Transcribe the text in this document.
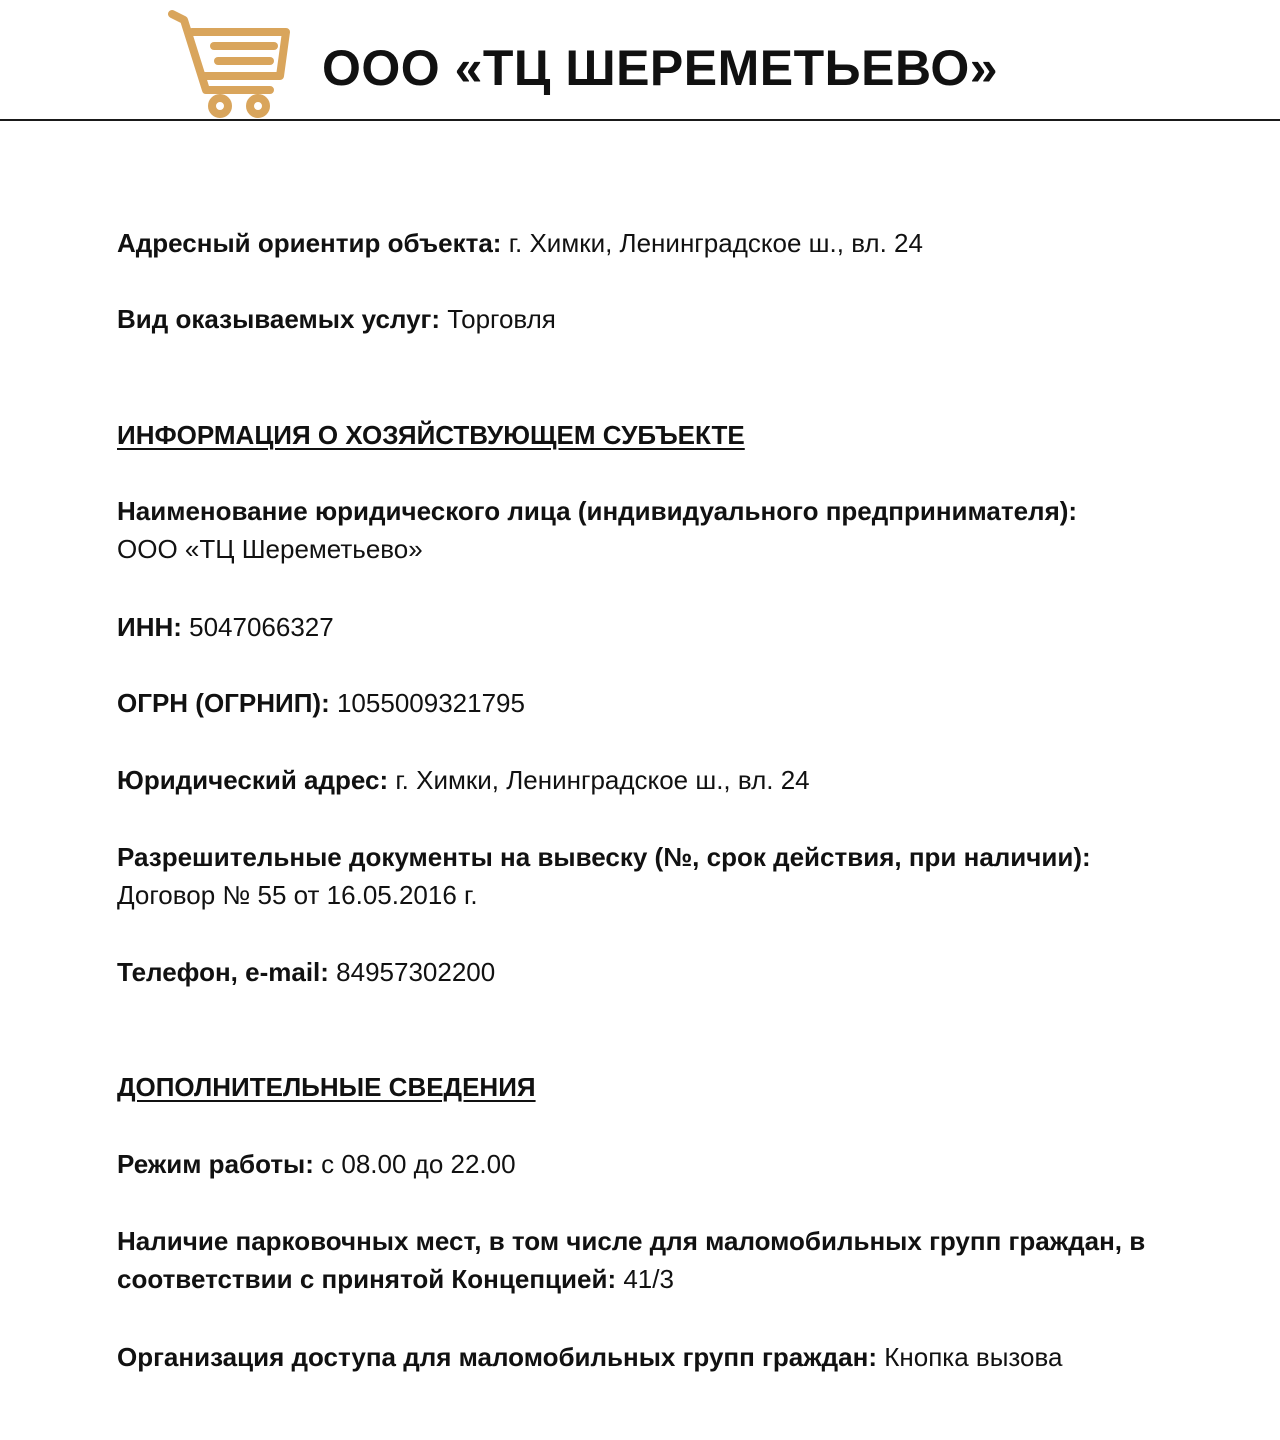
ООО «ТЦ ШЕРЕМЕТЬЕВО»
Адресный ориентир объекта: г. Химки, Ленинградское ш., вл. 24
Вид оказываемых услуг: Торговля
ИНФОРМАЦИЯ О ХОЗЯЙСТВУЮЩЕМ СУБЪЕКТЕ
Наименование юридического лица (индивидуального предпринимателя):
ООО «ТЦ Шереметьево»
ИНН: 5047066327
ОГРН (ОГРНИП): 1055009321795
Юридический адрес: г. Химки, Ленинградское ш., вл. 24
Разрешительные документы на вывеску (№, срок действия, при наличии):
Договор № 55 от 16.05.2016 г.
Телефон, e-mail: 84957302200
ДОПОЛНИТЕЛЬНЫЕ СВЕДЕНИЯ
Режим работы: с 08.00 до 22.00
Наличие парковочных мест, в том числе для маломобильных групп граждан, в соответствии с принятой Концепцией: 41/3
Организация доступа для маломобильных групп граждан: Кнопка вызова
